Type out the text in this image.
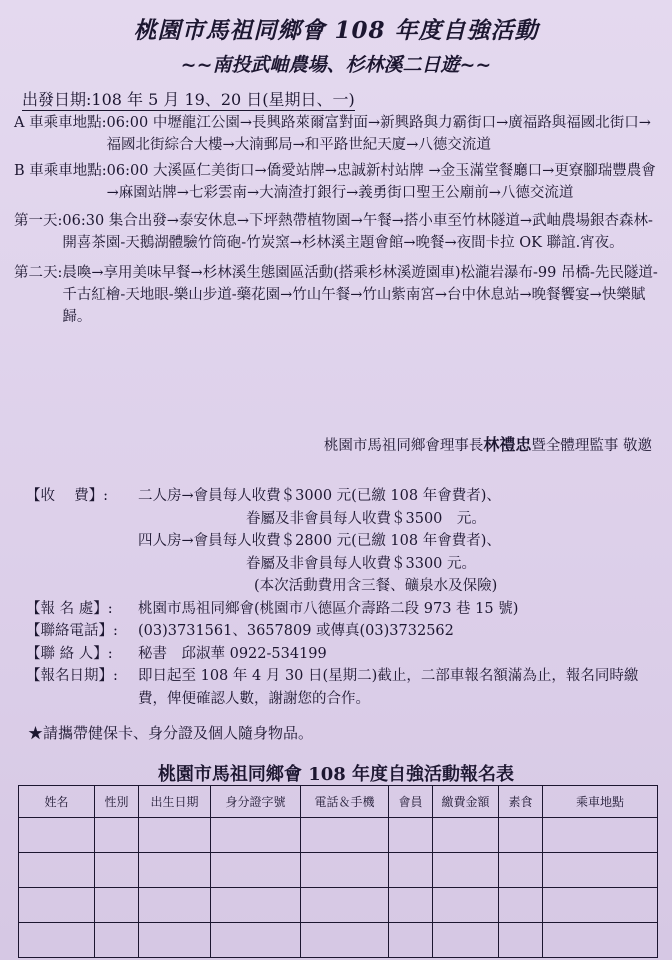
桃園市馬祖同鄉會 108 年度自強活動
~~南投武岫農場、杉林溪二日遊~~
出發日期:108 年 5 月 19、20 日(星期日、一)
A 車乘車地點: 06:00 中壢龍江公園→長興路萊爾富對面→新興路與力霸街口→廣福路與福國北街口→福國北街綜合大樓→大湳郵局→和平路世紀天廈→八德交流道
B 車乘車地點: 06:00 大溪區仁美街口→僑愛站牌→忠誠新村站牌 →金玉滿堂餐廳口→更寮腳瑞豐農會→麻園站牌→七彩雲南→大湳渣打銀行→義勇街口聖王公廟前→八德交流道
第一天: 06:30 集合出發→泰安休息→下坪熱帶植物園→午餐→搭小車至竹林隧道→武岫農場銀杏森林-開喜茶園-天鵝湖體驗竹筒砲-竹炭窯→杉林溪主題會館→晚餐→夜間卡拉 OK 聯誼.宵夜。
第二天: 晨喚→享用美味早餐→杉林溪生態園區活動(搭乘杉林溪遊園車)松瀧岩瀑布-99 吊橋-先民隧道-千古紅檜-天地眼-樂山步道-藥花園→竹山午餐→竹山紫南宮→台中休息站→晚餐饗宴→快樂賦歸。
桃園市馬祖同鄉會理事長林禮忠暨全體理監事 敬邀
【收　 費】:	二人房→會員每人收費＄3000 元(已繳 108 年會費者)、
眷屬及非會員每人收費＄3500　元。
四人房→會員每人收費＄2800 元(已繳 108 年會費者)、
眷屬及非會員每人收費＄3300 元。
(本次活動費用含三餐、礦泉水及保險)
【報 名 處】:	桃園市馬祖同鄉會(桃園市八德區介壽路二段 973 巷 15 號)
【聯絡電話】:	(03)3731561、3657809 或傳真(03)3732562
【聯 絡 人】:	秘書　邱淑華 0922-534199
【報名日期】:	即日起至 108 年 4 月 30 日(星期二)截止，二部車報名額滿為止，報名同時繳費，俾便確認人數，謝謝您的合作。
★請攜帶健保卡、身分證及個人隨身物品。
桃園市馬祖同鄉會 108 年度自強活動報名表
姓名	性別	出生日期	身分證字號	電話＆手機	會員	繳費金額	素食	乘車地點
